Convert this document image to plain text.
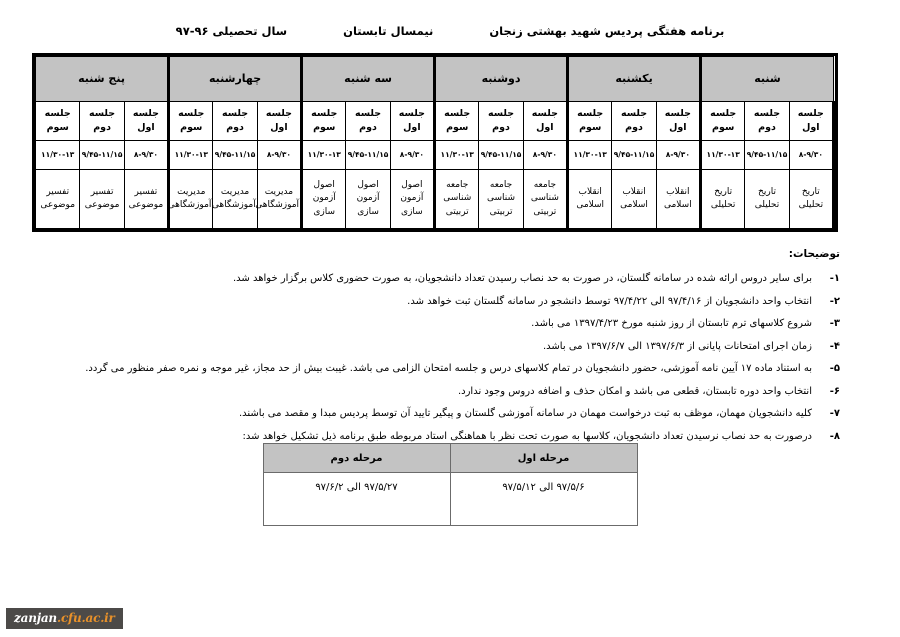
برنامه هفتگی پردیس شهید بهشتی زنجان
نیمسال تابستان
سال تحصیلی ۹۶-۹۷
شنبه			یکشنبه			دوشنبه			سه شنبه			چهارشنبه			پنج شنبه		
جلسه اول	جلسه دوم	جلسه سوم	جلسه اول	جلسه دوم	جلسه سوم	جلسه اول	جلسه دوم	جلسه سوم	جلسه اول	جلسه دوم	جلسه سوم	جلسه اول	جلسه دوم	جلسه سوم	جلسه اول	جلسه دوم	جلسه سوم
۸-۹/۳۰	۹/۴۵-۱۱/۱۵	۱۱/۳۰-۱۳	۸-۹/۳۰	۹/۴۵-۱۱/۱۵	۱۱/۳۰-۱۳	۸-۹/۳۰	۹/۴۵-۱۱/۱۵	۱۱/۳۰-۱۳	۸-۹/۳۰	۹/۴۵-۱۱/۱۵	۱۱/۳۰-۱۳	۸-۹/۳۰	۹/۴۵-۱۱/۱۵	۱۱/۳۰-۱۳	۸-۹/۳۰	۹/۴۵-۱۱/۱۵	۱۱/۳۰-۱۳
تاریخ تحلیلی	تاریخ تحلیلی	تاریخ تحلیلی	انقلاب اسلامی	انقلاب اسلامی	انقلاب اسلامی	جامعه شناسی تربیتی	جامعه شناسی تربیتی	جامعه شناسی تربیتی	اصول آزمون سازی	اصول آزمون سازی	اصول آزمون سازی	مدیریت آموزشگاهی	مدیریت آموزشگاهی	مدیریت آموزشگاهی	تفسیر موضوعی	تفسیر موضوعی	تفسیر موضوعی
توضیحات:
۱-
برای سایر دروس ارائه شده در سامانه گلستان، در صورت به حد نصاب رسیدن تعداد دانشجویان، به صورت حضوری کلاس برگزار خواهد شد.
۲-
انتخاب واحد دانشجویان از ۹۷/۴/۱۶ الی ۹۷/۴/۲۲ توسط دانشجو در سامانه گلستان ثبت خواهد شد.
۳-
شروع کلاسهای ترم تابستان از روز شنبه مورخ ۱۳۹۷/۴/۲۳ می باشد.
۴-
زمان اجرای امتحانات پایانی از ۱۳۹۷/۶/۳ الی ۱۳۹۷/۶/۷ می باشد.
۵-
به استناد ماده ۱۷ آیین نامه آموزشی، حضور دانشجویان در تمام کلاسهای درس و جلسه امتحان الزامی می باشد. غیبت بیش از حد مجاز، غیر موجه و نمره صفر منظور می گردد.
۶-
انتخاب واحد دوره تابستان، قطعی می باشد و امکان حذف و اضافه دروس وجود ندارد.
۷-
کلیه دانشجویان مهمان، موظف به ثبت درخواست مهمان در سامانه آموزشی گلستان و پیگیر تایید آن توسط پردیس مبدا و مقصد می باشند.
۸-
درصورت به حد نصاب نرسیدن تعداد دانشجویان، کلاسها به صورت تحت نظر با هماهنگی استاد مربوطه طبق برنامه ذیل تشکیل خواهد شد:
مرحله اول	مرحله دوم
۹۷/۵/۶ الی ۹۷/۵/۱۲	۹۷/۵/۲۷ الی ۹۷/۶/۲
zanjan .cfu.ac.ir
